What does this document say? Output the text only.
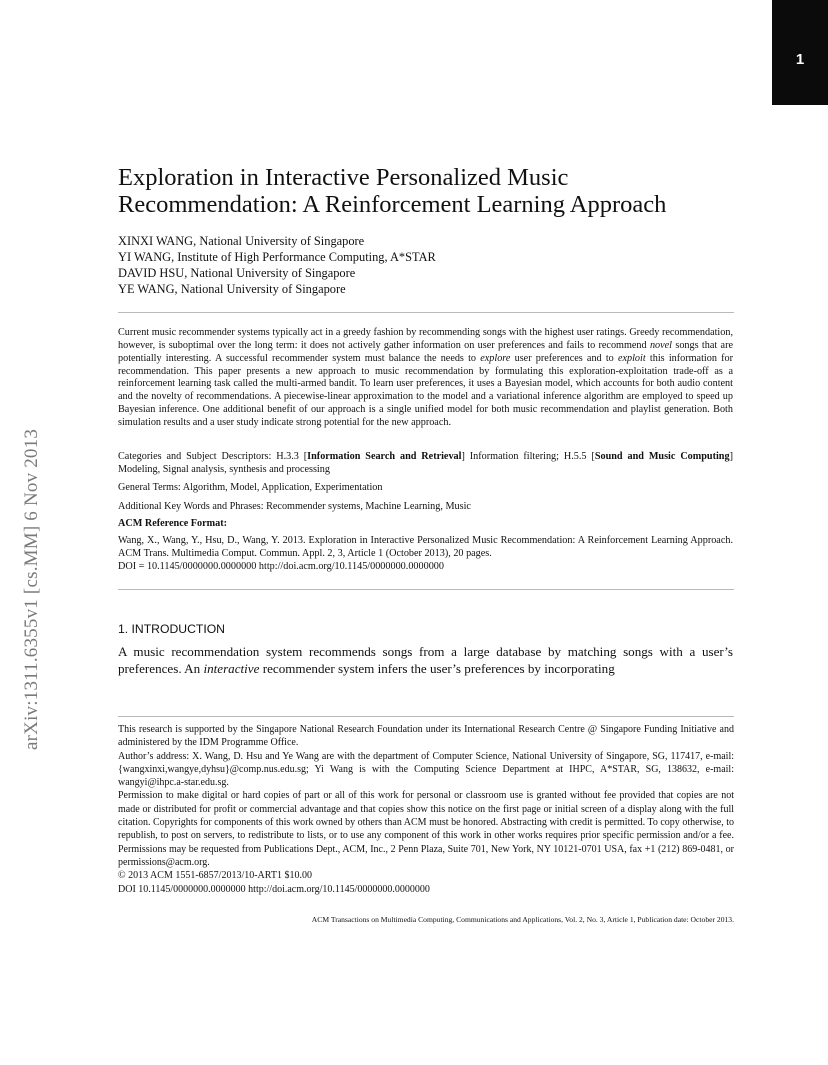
1
arXiv:1311.6355v1 [cs.MM] 6 Nov 2013
Exploration in Interactive Personalized Music
Recommendation: A Reinforcement Learning Approach
XINXI WANG, National University of Singapore
YI WANG, Institute of High Performance Computing, A*STAR
DAVID HSU, National University of Singapore
YE WANG, National University of Singapore
Current music recommender systems typically act in a greedy fashion by recommending songs with the highest user ratings. Greedy recommendation, however, is suboptimal over the long term: it does not actively gather information on user preferences and fails to recommend novel songs that are potentially interesting. A successful recommender system must balance the needs to explore user preferences and to exploit this information for recommendation. This paper presents a new approach to music recommendation by formulating this exploration-exploitation trade-off as a reinforcement learning task called the multi-armed bandit. To learn user preferences, it uses a Bayesian model, which accounts for both audio content and the novelty of recommendations. A piecewise-linear approximation to the model and a variational inference algorithm are employed to speed up Bayesian inference. One additional benefit of our approach is a single unified model for both music recommendation and playlist generation. Both simulation results and a user study indicate strong potential for the new approach.
Categories and Subject Descriptors: H.3.3 [Information Search and Retrieval] Information filtering; H.5.5 [Sound and Music Computing] Modeling, Signal analysis, synthesis and processing
General Terms: Algorithm, Model, Application, Experimentation
Additional Key Words and Phrases: Recommender systems, Machine Learning, Music
ACM Reference Format:
Wang, X., Wang, Y., Hsu, D., Wang, Y. 2013. Exploration in Interactive Personalized Music Recommendation: A Reinforcement Learning Approach. ACM Trans. Multimedia Comput. Commun. Appl. 2, 3, Article 1 (October 2013), 20 pages.
DOI = 10.1145/0000000.0000000 http://doi.acm.org/10.1145/0000000.0000000
1. INTRODUCTION
A music recommendation system recommends songs from a large database by matching songs with a user’s preferences. An interactive recommender system infers the user’s preferences by incorporating

This research is supported by the Singapore National Research Foundation under its International Research Centre @ Singapore Funding Initiative and administered by the IDM Programme Office.

Author’s address: X. Wang, D. Hsu and Ye Wang are with the department of Computer Science, National University of Singapore, SG, 117417, e-mail: {wangxinxi,wangye,dyhsu}@comp.nus.edu.sg; Yi Wang is with the Computing Science Department at IHPC, A*STAR, SG, 138632, e-mail: wangyi@ihpc.a-star.edu.sg.

Permission to make digital or hard copies of part or all of this work for personal or classroom use is granted without fee provided that copies are not made or distributed for profit or commercial advantage and that copies show this notice on the first page or initial screen of a display along with the full citation. Copyrights for components of this work owned by others than ACM must be honored. Abstracting with credit is permitted. To copy otherwise, to republish, to post on servers, to redistribute to lists, or to use any component of this work in other works requires prior specific permission and/or a fee. Permissions may be requested from Publications Dept., ACM, Inc., 2 Penn Plaza, Suite 701, New York, NY 10121-0701 USA, fax +1 (212) 869-0481, or permissions@acm.org.

© 2013 ACM 1551-6857/2013/10-ART1 $10.00

DOI 10.1145/0000000.0000000 http://doi.acm.org/10.1145/0000000.0000000

ACM Transactions on Multimedia Computing, Communications and Applications, Vol. 2, No. 3, Article 1, Publication date: October 2013.
